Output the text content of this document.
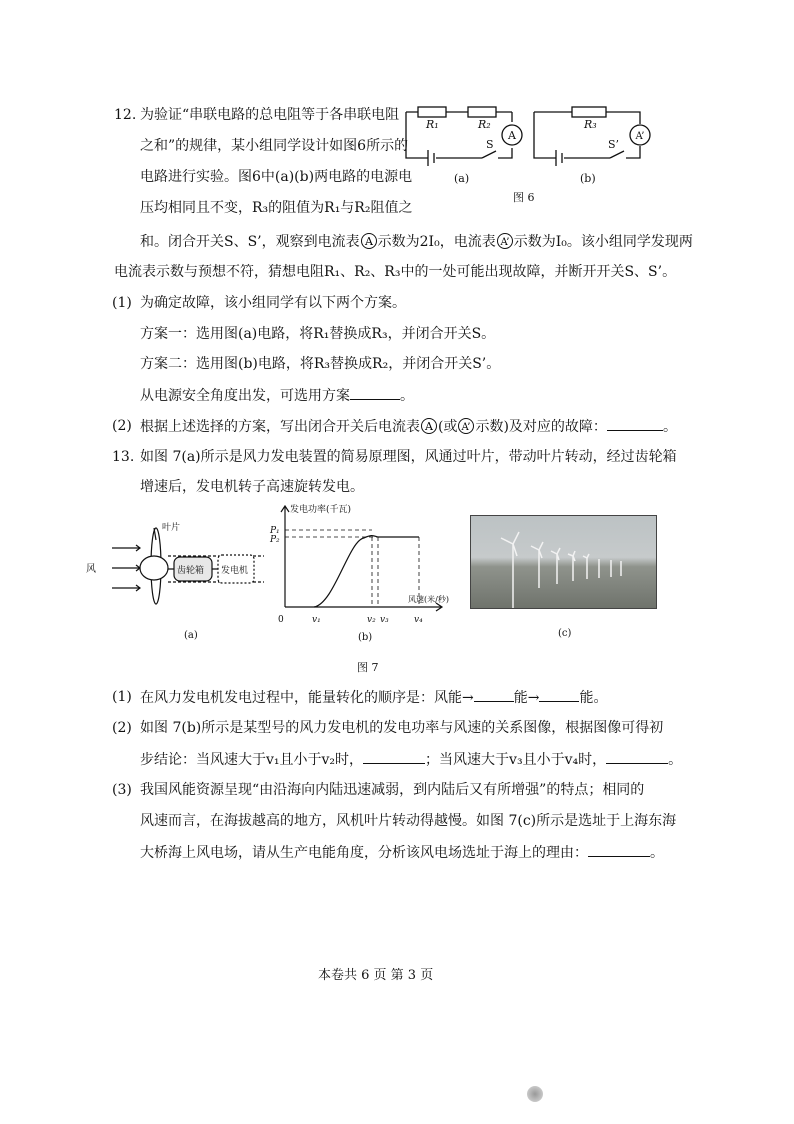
12. 为验证“串联电路的总电阻等于各串联电阻
之和”的规律，某小组同学设计如图6所示的
电路进行实验。图6中(a)(b)两电路的电源电
压均相同且不变，R₃的阻值为R₁与R₂阻值之
和。闭合开关S、S’，观察到电流表 A 示数为2I₀，电流表 A’ 示数为I₀。该小组同学发现两
电流表示数与预想不符，猜想电阻R₁、R₂、R₃中的一处可能出现故障，并断开开关S、S’。
(1) 为确定故障，该小组同学有以下两个方案。
方案一：选用图(a)电路，将R₁替换成R₃，并闭合开关S。
方案二：选用图(b)电路，将R₃替换成R₂，并闭合开关S’。
从电源安全角度出发，可选用方案	。
(2) 根据上述选择的方案，写出闭合开关后电流表 A (或 A’ 示数)及对应的故障：	。
R₁	R₂	R₃
A	A’
S	S’
(a)	(b)
图 6
13. 如图 7(a)所示是风力发电装置的简易原理图，风通过叶片，带动叶片转动，经过齿轮箱
增速后，发电机转子高速旋转发电。
叶片
风	齿轮箱 发电机
(a)
发电功率(千瓦)
风速(米/秒)
P₁
P₂
0	v₁	v₂ v₃	v₄
(b)	(c)
图 7
(1) 在风力发电机发电过程中，能量转化的顺序是：风能→	能→	能。
(2) 如图 7(b)所示是某型号的风力发电机的发电功率与风速的关系图像，根据图像可得初
步结论：当风速大于v₁且小于v₂时，	；当风速大于v₃且小于v₄时，	。
(3) 我国风能资源呈现“由沿海向内陆迅速减弱，到内陆后又有所增强”的特点；相同的
风速而言，在海拔越高的地方，风机叶片转动得越慢。如图 7(c)所示是选址于上海东海
大桥海上风电场，请从生产电能角度，分析该风电场选址于海上的理由：	。
本卷共 6 页 第 3 页
